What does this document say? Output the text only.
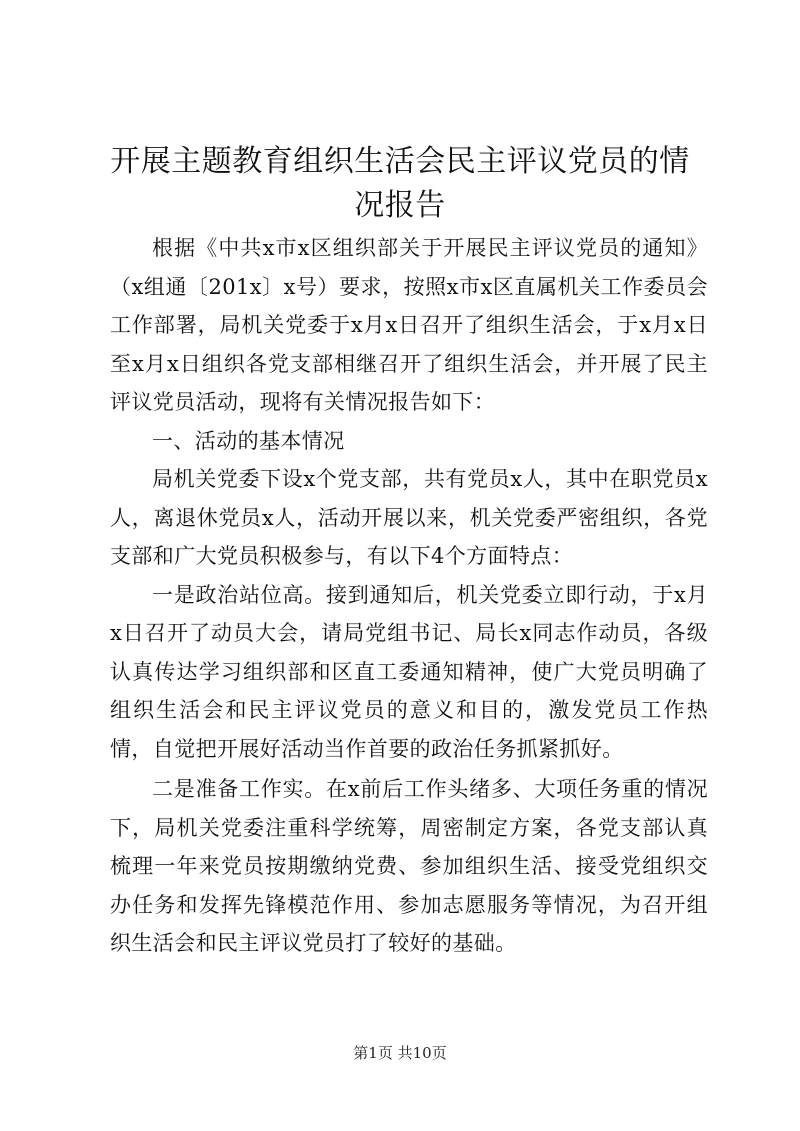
开展主题教育组织生活会民主评议党员的情况报告

根据《中共x市x区组织部关于开展民主评议党员的通知》（x组通〔201x〕x号）要求，按照x市x区直属机关工作委员会工作部署，局机关党委于x月x日召开了组织生活会，于x月x日至x月x日组织各党支部相继召开了组织生活会，并开展了民主评议党员活动，现将有关情况报告如下：

一、活动的基本情况

局机关党委下设x个党支部，共有党员x人，其中在职党员x人，离退休党员x人，活动开展以来，机关党委严密组织，各党支部和广大党员积极参与，有以下4个方面特点：

一是政治站位高。接到通知后，机关党委立即行动，于x月x日召开了动员大会，请局党组书记、局长x同志作动员，各级认真传达学习组织部和区直工委通知精神，使广大党员明确了组织生活会和民主评议党员的意义和目的，激发党员工作热情，自觉把开展好活动当作首要的政治任务抓紧抓好。

二是准备工作实。在x前后工作头绪多、大项任务重的情况下，局机关党委注重科学统筹，周密制定方案，各党支部认真梳理一年来党员按期缴纳党费、参加组织生活、接受党组织交办任务和发挥先锋模范作用、参加志愿服务等情况，为召开组织生活会和民主评议党员打了较好的基础。

第1页 共10页
